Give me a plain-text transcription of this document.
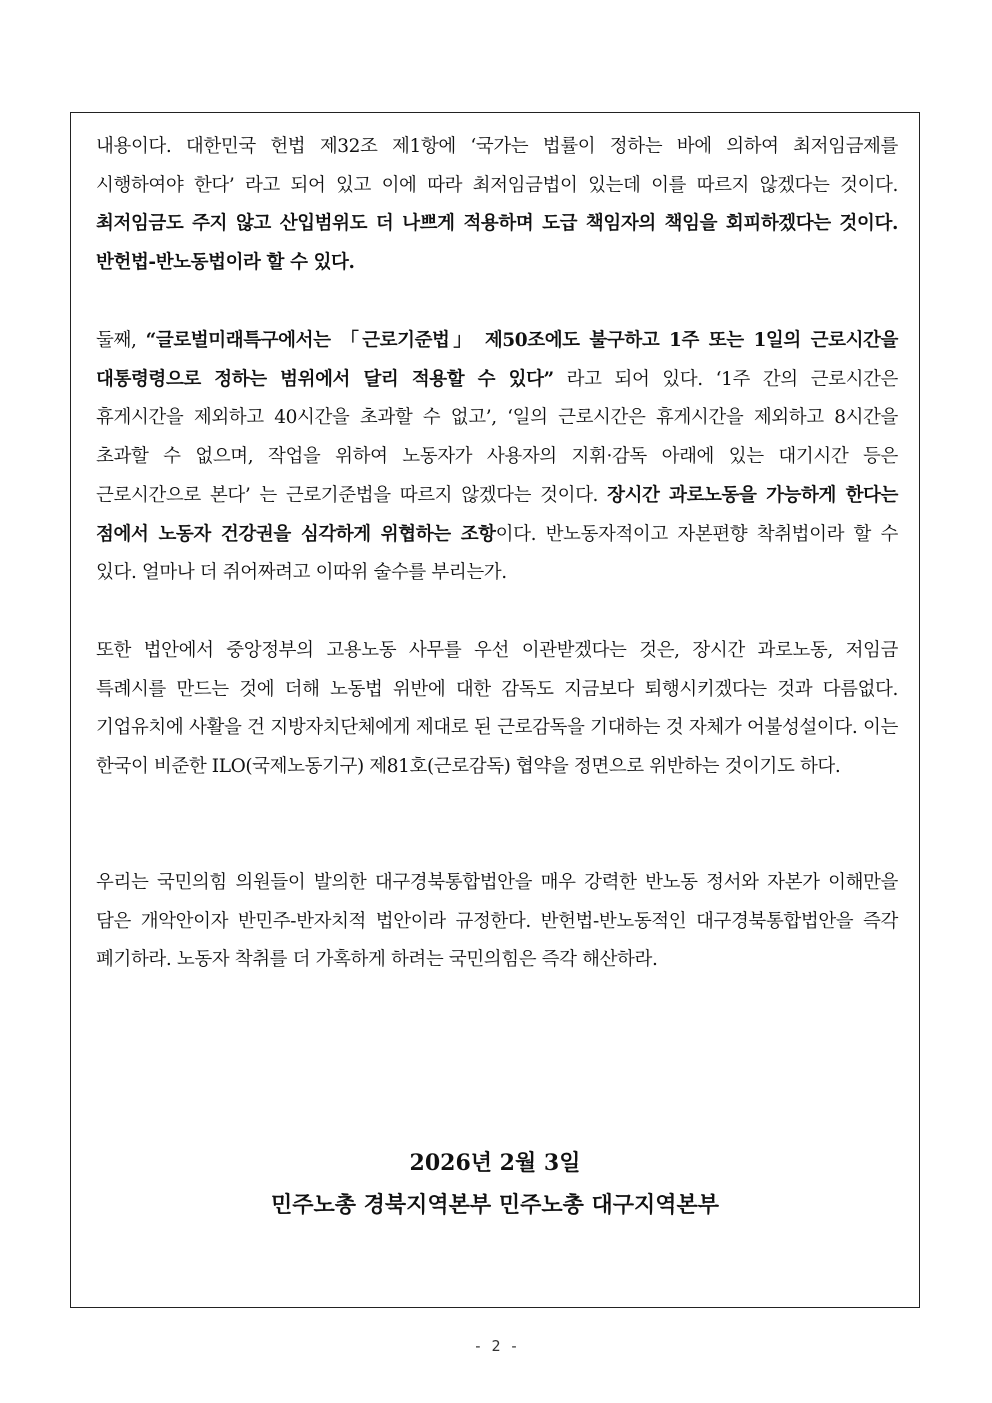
내용이다. 대한민국 헌법 제32조 제1항에 ‘국가는 법률이 정하는 바에 의하여 최저임금제를 시행하여야 한다’ 라고 되어 있고 이에 따라 최저임금법이 있는데 이를 따르지 않겠다는 것이다. 최저임금도 주지 않고 산입범위도 더 나쁘게 적용하며 도급 책임자의 책임을 회피하겠다는 것이다. 반헌법-반노동법이라 할 수 있다.

둘째, “글로벌미래특구에서는 「근로기준법」 제50조에도 불구하고 1주 또는 1일의 근로시간을 대통령령으로 정하는 범위에서 달리 적용할 수 있다” 라고 되어 있다. ‘1주 간의 근로시간은 휴게시간을 제외하고 40시간을 초과할 수 없고’, ‘일의 근로시간은 휴게시간을 제외하고 8시간을 초과할 수 없으며, 작업을 위하여 노동자가 사용자의 지휘·감독 아래에 있는 대기시간 등은 근로시간으로 본다’ 는 근로기준법을 따르지 않겠다는 것이다. 장시간 과로노동을 가능하게 한다는 점에서 노동자 건강권을 심각하게 위협하는 조항이다. 반노동자적이고 자본편향 착취법이라 할 수 있다. 얼마나 더 쥐어짜려고 이따위 술수를 부리는가.

또한 법안에서 중앙정부의 고용노동 사무를 우선 이관받겠다는 것은, 장시간 과로노동, 저임금 특례시를 만드는 것에 더해 노동법 위반에 대한 감독도 지금보다 퇴행시키겠다는 것과 다름없다. 기업유치에 사활을 건 지방자치단체에게 제대로 된 근로감독을 기대하는 것 자체가 어불성설이다. 이는 한국이 비준한 ILO(국제노동기구) 제81호(근로감독) 협약을 정면으로 위반하는 것이기도 하다.

우리는 국민의힘 의원들이 발의한 대구경북통합법안을 매우 강력한 반노동 정서와 자본가 이해만을 담은 개악안이자 반민주-반자치적 법안이라 규정한다. 반헌법-반노동적인 대구경북통합법안을 즉각 폐기하라. 노동자 착취를 더 가혹하게 하려는 국민의힘은 즉각 해산하라.

2026년 2월 3일
민주노총 경북지역본부 민주노총 대구지역본부
- 2 -
